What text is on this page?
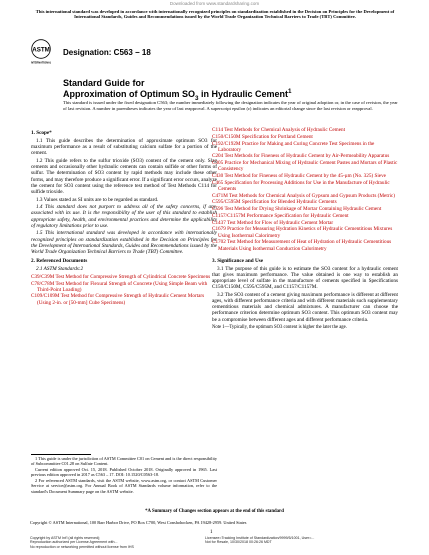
Downloaded from www.standardsharing.com
This international standard was developed in accordance with internationally recognized principles on standardization established in the Decision on Principles for the Development of International Standards, Guides and Recommendations issued by the World Trade Organization Technical Barriers to Trade (TBT) Committee.
ASTM
INTERNATIONAL
Designation: C563 − 18
Standard Guide for
Approximation of Optimum $SO_3$ in Hydraulic Cement$^1$
This standard is issued under the fixed designation C563; the number immediately following the designation indicates the year of original adoption or, in the case of revision, the year of last revision. A number in parentheses indicates the year of last reapproval. A superscript epsilon (ε) indicates an editorial change since the last revision or reapproval.
1. Scope*

1.1 This guide describes the determination of approximate optimum SO3 for maximum performance as a result of substituting calcium sulfate for a portion of the cement.

1.2 This guide refers to the sulfur trioxide (SO3) content of the cement only. Slag cements and occasionally other hydraulic cements can contain sulfide or other forms of sulfur. The determination of SO3 content by rapid methods may include these other forms, and may therefore produce a significant error. If a significant error occurs, analyze the cement for SO3 content using the reference test method of Test Methods C114 for sulfide trioxide.

1.3 Values stated as SI units are to be regarded as standard.

1.4 This standard does not purport to address all of the safety concerns, if any, associated with its use. It is the responsibility of the user of this standard to establish appropriate safety, health, and environmental practices and determine the applicability of regulatory limitations prior to use.

1.5 This international standard was developed in accordance with internationally recognized principles on standardization established in the Decision on Principles for the Development of International Standards, Guides and Recommendations issued by the World Trade Organization Technical Barriers to Trade (TBT) Committee.

2. Referenced Documents

2.1 ASTM Standards:2

C39/C39M Test Method for Compressive Strength of Cylindrical Concrete Specimens
C78/C78M Test Method for Flexural Strength of Concrete (Using Simple Beam with Third-Point Loading)
C109/C109M Test Method for Compressive Strength of Hydraulic Cement Mortars (Using 2-in. or [50-mm] Cube Specimens)

1 This guide is under the jurisdiction of ASTM Committee C01 on Cement and is the direct responsibility of Subcommittee C01.28 on Sulfate Content.

Current edition approved Oct. 15, 2018. Published October 2018. Originally approved in 1965. Last previous edition approved in 2017 as C563 – 17. DOI: 10.1520/C0563-18.

2 For referenced ASTM standards, visit the ASTM website, www.astm.org, or contact ASTM Customer Service at service@astm.org. For Annual Book of ASTM Standards volume information, refer to the standard's Document Summary page on the ASTM website.

C114 Test Methods for Chemical Analysis of Hydraulic Cement
C150/C150M Specification for Portland Cement
C192/C192M Practice for Making and Curing Concrete Test Specimens in the Laboratory
C204 Test Methods for Fineness of Hydraulic Cement by Air-Permeability Apparatus
C305 Practice for Mechanical Mixing of Hydraulic Cement Pastes and Mortars of Plastic Consistency
C430 Test Method for Fineness of Hydraulic Cement by the 45-µm (No. 325) Sieve
C465 Specification for Processing Additions for Use in the Manufacture of Hydraulic Cements
C471M Test Methods for Chemical Analysis of Gypsum and Gypsum Products (Metric)
C595/C595M Specification for Blended Hydraulic Cements
C596 Test Method for Drying Shrinkage of Mortar Containing Hydraulic Cement
C1157/C1157M Performance Specification for Hydraulic Cement
C1437 Test Method for Flow of Hydraulic Cement Mortar
C1679 Practice for Measuring Hydration Kinetics of Hydraulic Cementitious Mixtures Using Isothermal Calorimetry
C1702 Test Method for Measurement of Heat of Hydration of Hydraulic Cementitious Materials Using Isothermal Conduction Calorimetry
3. Significance and Use

3.1 The purpose of this guide is to estimate the SO3 content for a hydraulic cement that gives maximum performance. The value obtained is one way to establish an appropriate level of sulfate in the manufacture of cements specified in Specifications C150/C150M, C595/C595M, and C1157/C1157M.

3.2 The SO3 content of a cement giving maximum performance is different at different ages, with different performance criteria and with different materials such supplementary cementitious materials and chemical admixtures. A manufacturer can choose the performance criterion determine optimum SO3 content. This optimum SO3 content may be a compromise between different ages and different performance criteria.

Note 1—Typically, the optimum SO3 content is higher the later the age.
*A Summary of Changes section appears at the end of this standard
Copyright © ASTM International, 100 Barr Harbor Drive, PO Box C700, West Conshohocken, PA 19428-2959. United States
1
Copyright by ASTM Int'l (all rights reserved);
Reproduction authorized per License Agreement with...
No reproduction or networking permitted without license from IHS
Licensee=Tracking Institute of Standardization/9999/5/1001, User=...
Not for Resale, 10/30/2018 00:26:26 MDT
